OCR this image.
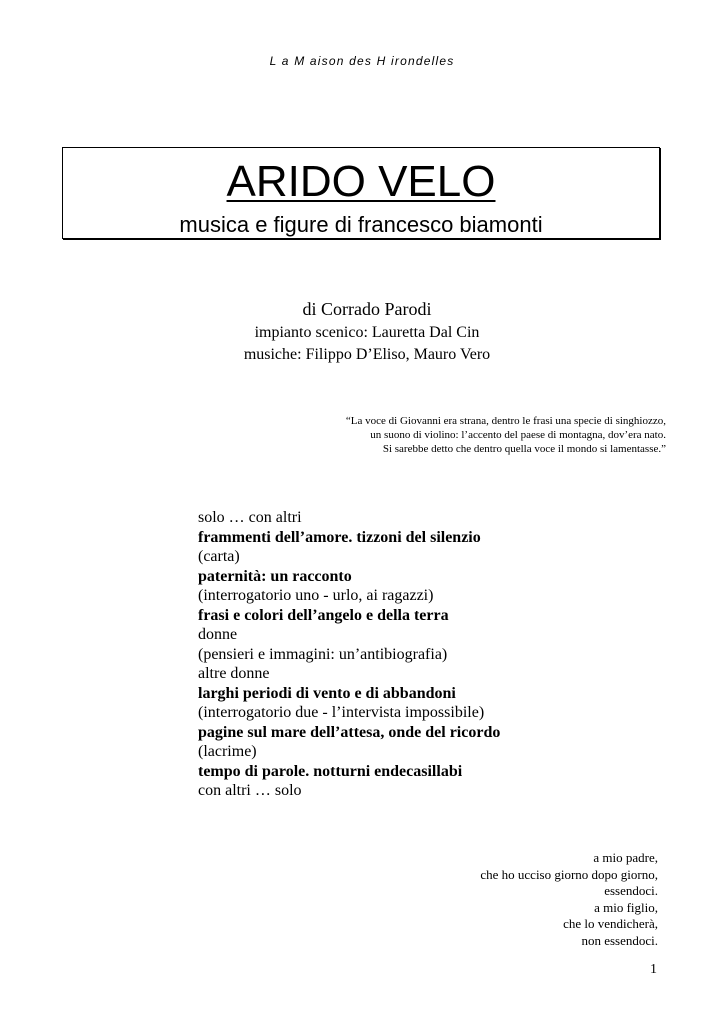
L a M aison des H irondelles
ARIDO VELO
musica e figure di francesco biamonti
di Corrado Parodi
impianto scenico: Lauretta Dal Cin
musiche: Filippo D’Eliso, Mauro Vero
“La voce di Giovanni era strana, dentro le frasi una specie di singhiozzo,
un suono di violino: l’accento del paese di montagna, dov’era nato.
Si sarebbe detto che dentro quella voce il mondo si lamentasse.”
solo … con altri
frammenti dell’amore. tizzoni del silenzio
(carta)
paternità: un racconto
(interrogatorio uno - urlo, ai ragazzi)
frasi e colori dell’angelo e della terra
donne
(pensieri e immagini: un’antibiografia)
altre donne
larghi periodi di vento e di abbandoni
(interrogatorio due - l’intervista impossibile)
pagine sul mare dell’attesa, onde del ricordo
(lacrime)
tempo di parole. notturni endecasillabi
con altri … solo
a mio padre,
che ho ucciso giorno dopo giorno,
essendoci.
a mio figlio,
che lo vendicherà,
non essendoci.
1
